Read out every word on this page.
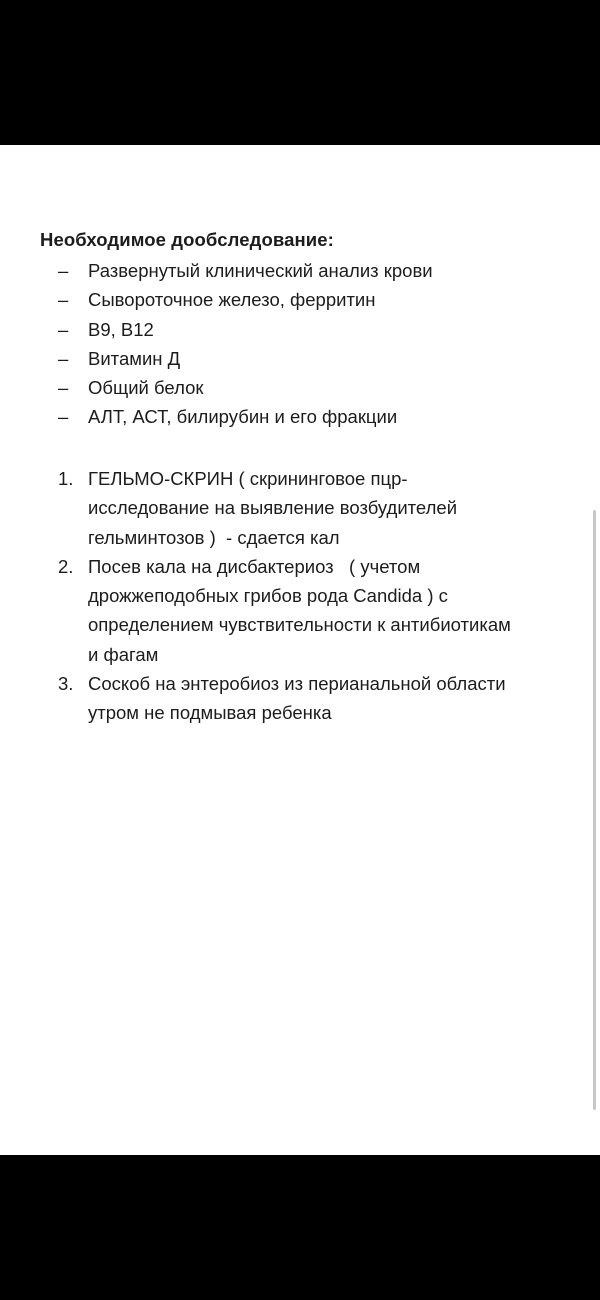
Необходимое дообследование:
– Развернутый клинический анализ крови
– Сывороточное железо, ферритин
– В9, В12
– Витамин Д
– Общий белок
– АЛТ, АСТ, билирубин и его фракции
1. ГЕЛЬМО-СКРИН ( скрининговое пцр-
исследование на выявление возбудителей
гельминтозов )  - сдается кал
2. Посев кала на дисбактериоз   ( учетом
дрожжеподобных грибов рода Candida ) с
определением чувствительности к антибиотикам
и фагам
3. Соскоб на энтеробиоз из перианальной области
утром не подмывая ребенка
